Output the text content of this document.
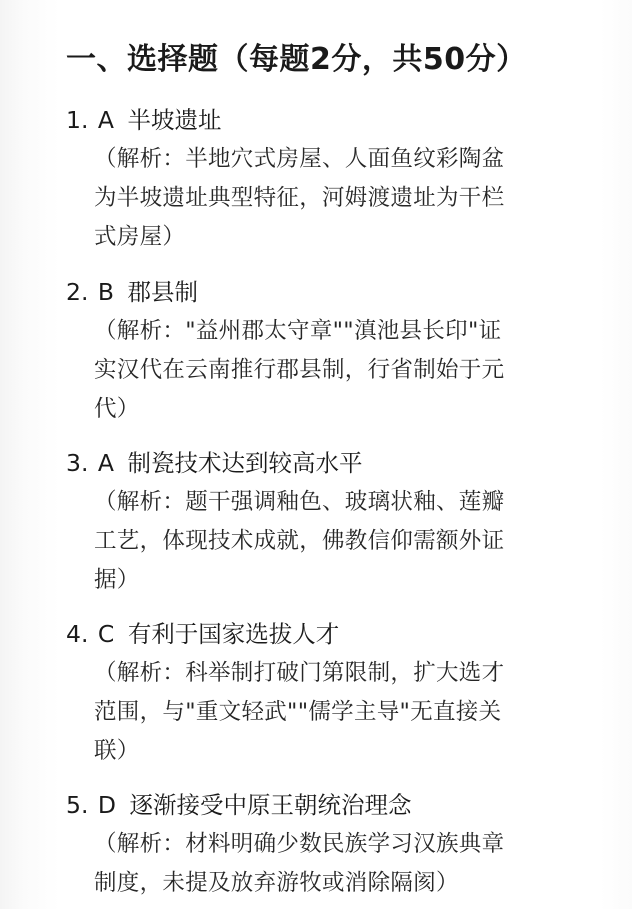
一、选择题（每题2分，共50分）

1. A 半坡遗址

（解析：半地穴式房屋、人面鱼纹彩陶盆
为半坡遗址典型特征，河姆渡遗址为干栏
式房屋）

2. B 郡县制

（解析："益州郡太守章""滇池县长印"证
实汉代在云南推行郡县制，行省制始于元
代）

3. A 制瓷技术达到较高水平

（解析：题干强调釉色、玻璃状釉、莲瓣
工艺，体现技术成就，佛教信仰需额外证
据）

4. C 有利于国家选拔人才

（解析：科举制打破门第限制，扩大选才
范围，与"重文轻武""儒学主导"无直接关
联）

5. D 逐渐接受中原王朝统治理念

（解析：材料明确少数民族学习汉族典章
制度，未提及放弃游牧或消除隔阂）
